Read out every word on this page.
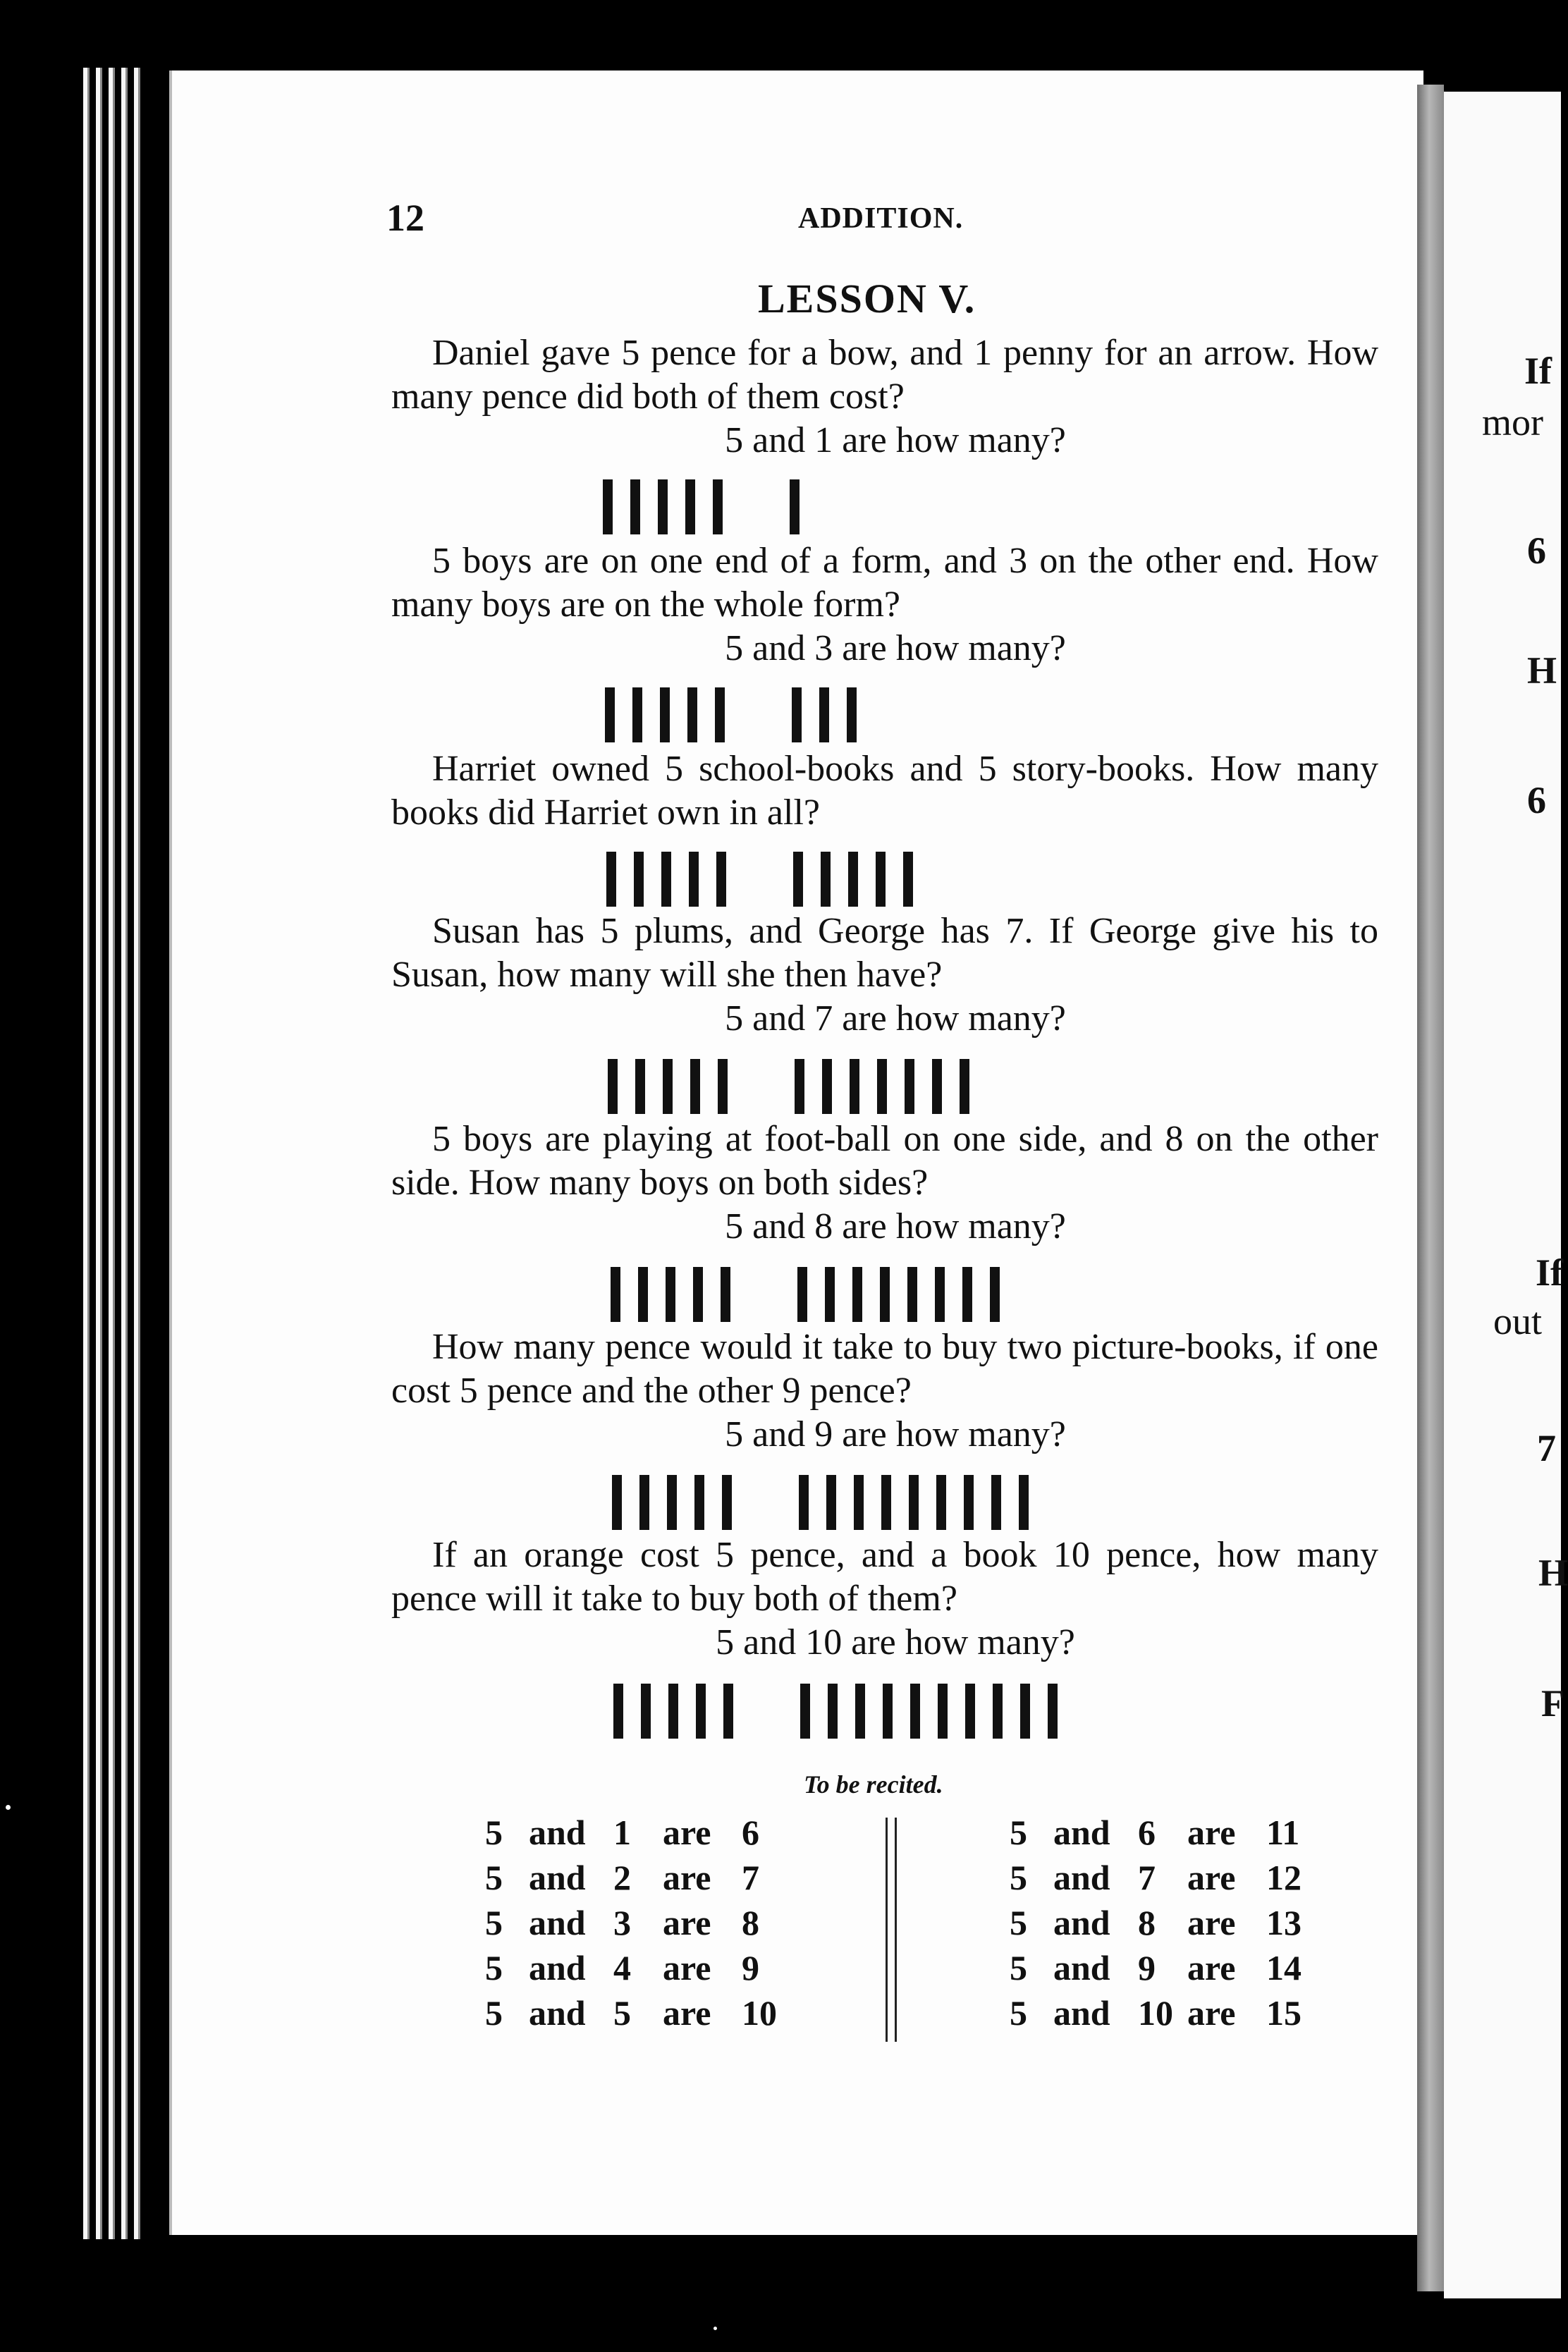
If
mor
6
H
6
If
out
7
H
F
12	ADDITION.
LESSON V.

Daniel gave 5 pence for a bow, and 1 penny for an arrow. How many pence did both of them cost?

5 and 1 are how many?

5 boys are on one end of a form, and 3 on the other end. How many boys are on the whole form?

5 and 3 are how many?

Harriet owned 5 school-books and 5 story-books. How many books did Harriet own in all?

Susan has 5 plums, and George has 7. If George give his to Susan, how many will she then have?

5 and 7 are how many?

5 boys are playing at foot-ball on one side, and 8 on the other side. How many boys on both sides?

5 and 8 are how many?

How many pence would it take to buy two picture-books, if one cost 5 pence and the other 9 pence?

5 and 9 are how many?

If an orange cost 5 pence, and a book 10 pence, how many pence will it take to buy both of them?

5 and 10 are how many?

To be recited.
5 and 1 are 6
5 and 2 are 7
5 and 3 are 8
5 and 4 are 9
5 and 5 are 10
5 and 6 are 11
5 and 7 are 12
5 and 8 are 13
5 and 9 are 14
5 and 10 are 15
